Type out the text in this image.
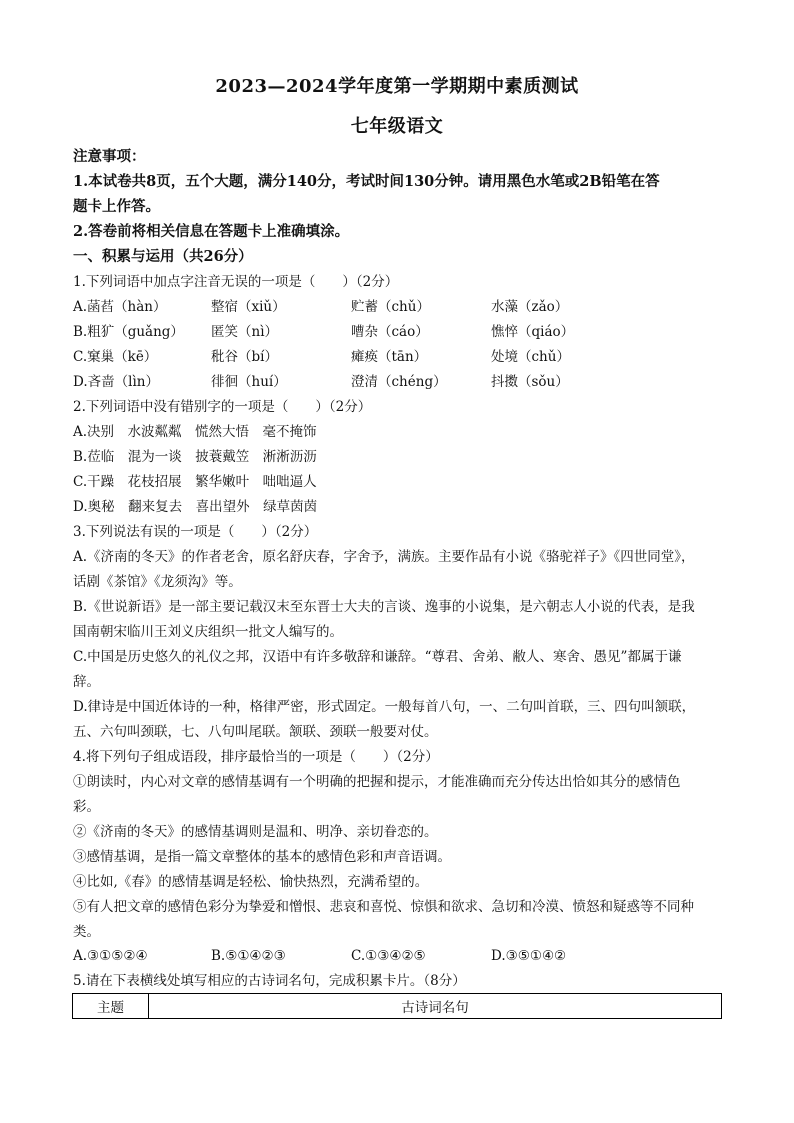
2023—2024学年度第一学期期中素质测试
七年级语文
注意事项：
1.本试卷共8页，五个大题，满分140分，考试时间130分钟。请用黑色水笔或2B铅笔在答
题卡上作答。
2.答卷前将相关信息在答题卡上准确填涂。
一、积累与运用（共26分）
1.下列词语中加点字注音无误的一项是（　　）（2分）
A.菡萏（hàn）	整宿（xiǔ）	贮蓄（chǔ）	水藻（zǎo）
B.粗犷（guǎng） 匿笑（nì）	嘈杂（cáo）	憔悴（qiáo）
C.窠巢（kē）	秕谷（bí）	瘫痪（tān）	处境（chǔ）
D.吝啬（lìn）	徘徊（huí）	澄清（chéng）	抖擞（sǒu）
2.下列词语中没有错别字的一项是（　　）（2分）
A.决别　水波粼粼　慌然大悟　毫不掩饰
B.莅临　混为一谈　披蓑戴笠　淅淅沥沥
C.干躁　花枝招展　繁华嫩叶　咄咄逼人
D.奥秘　翻来复去　喜出望外　绿草茵茵
3.下列说法有误的一项是（　　）（2分）
A.《济南的冬天》的作者老舍，原名舒庆春，字舍予，满族。主要作品有小说《骆驼祥子》《四世同堂》，
话剧《茶馆》《龙须沟》等。
B.《世说新语》是一部主要记载汉末至东晋士大夫的言谈、逸事的小说集，是六朝志人小说的代表，是我
国南朝宋临川王刘义庆组织一批文人编写的。
C.中国是历史悠久的礼仪之邦，汉语中有许多敬辞和谦辞。“尊君、舍弟、敝人、寒舍、愚见”都属于谦
辞。
D.律诗是中国近体诗的一种，格律严密，形式固定。一般每首八句，一、二句叫首联，三、四句叫颔联，
五、六句叫颈联，七、八句叫尾联。颔联、颈联一般要对仗。
4.将下列句子组成语段，排序最恰当的一项是（　　）（2分）
①朗读时，内心对文章的感情基调有一个明确的把握和提示，才能准确而充分传达出恰如其分的感情色
彩。
②《济南的冬天》的感情基调则是温和、明净、亲切眷恋的。
③感情基调，是指一篇文章整体的基本的感情色彩和声音语调。
④比如,《春》的感情基调是轻松、愉快热烈，充满希望的。
⑤有人把文章的感情色彩分为挚爱和憎恨、悲哀和喜悦、惊惧和欲求、急切和冷漠、愤怒和疑惑等不同种
类。
A.③①⑤②④	B.⑤①④②③	C.①③④②⑤	D.③⑤①④②
5.请在下表横线处填写相应的古诗词名句，完成积累卡片。（8分）
主题	古诗词名句
